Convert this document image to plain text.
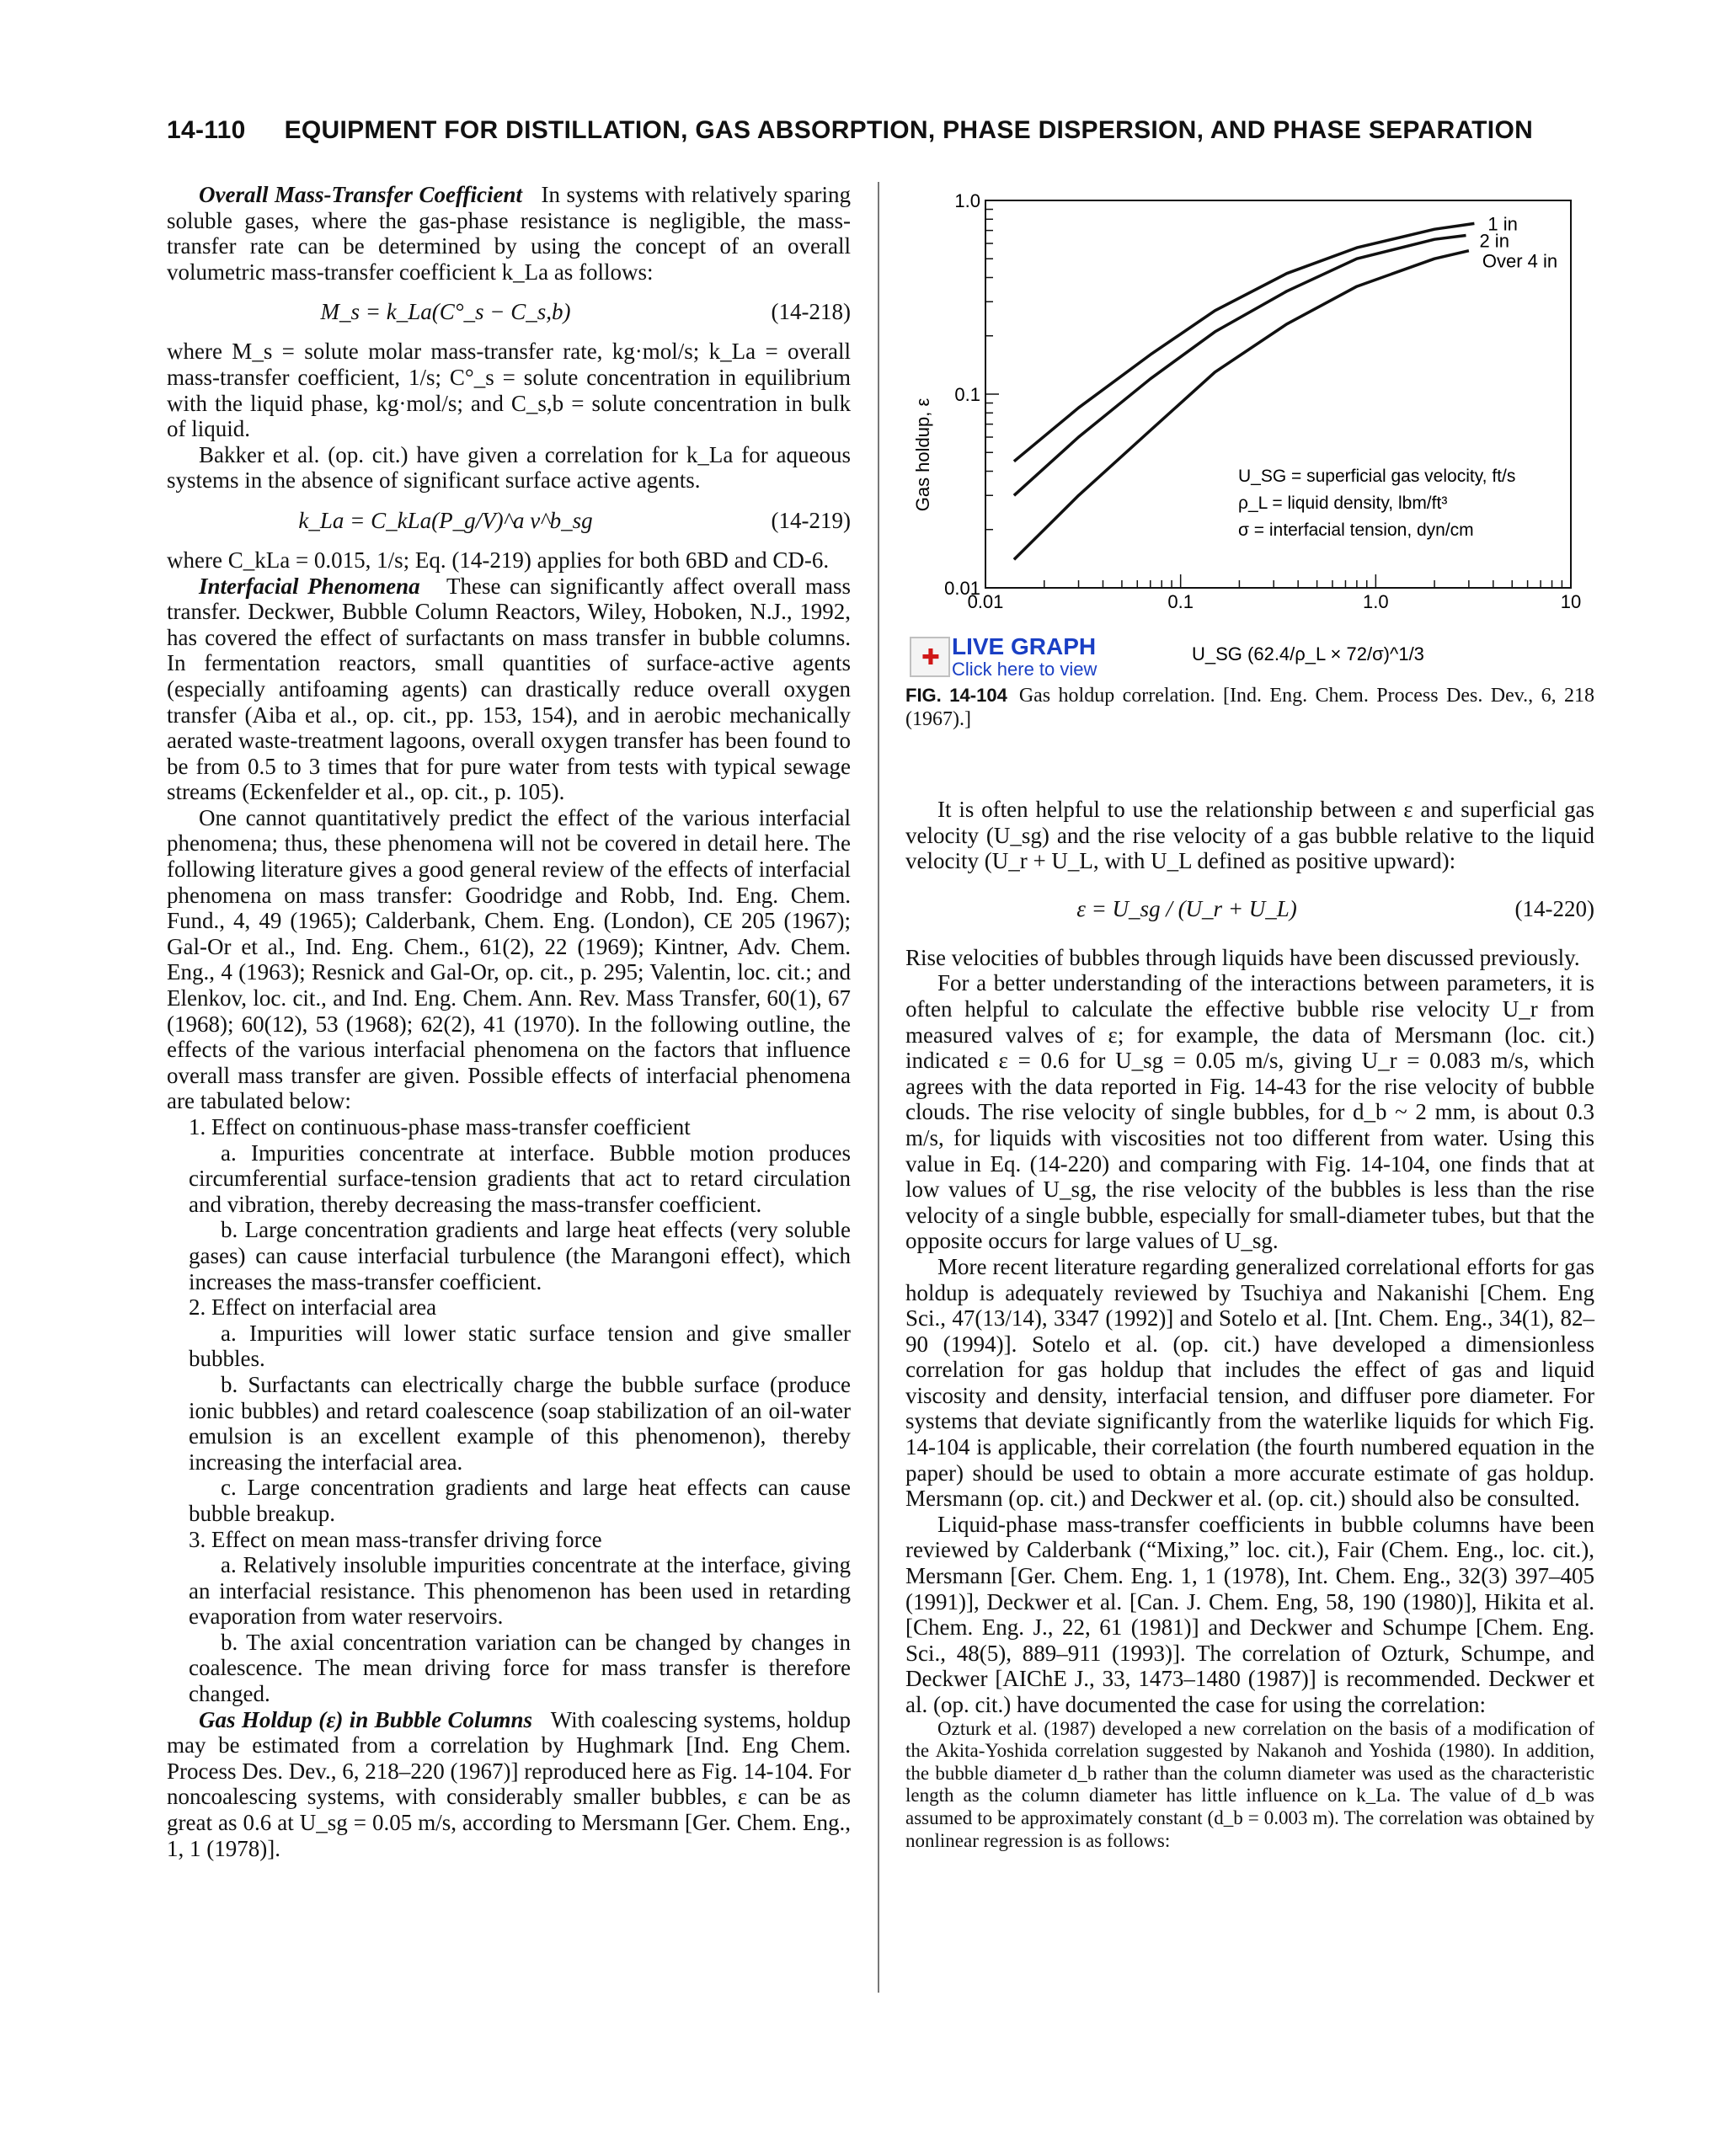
14-110 EQUIPMENT FOR DISTILLATION, GAS ABSORPTION, PHASE DISPERSION, AND PHASE SEPARATION

Overall Mass-Transfer Coefficient In systems with relatively sparing soluble gases, where the gas-phase resistance is negligible, the mass-transfer rate can be determined by using the concept of an overall volumetric mass-transfer coefficient k_La as follows:

M_s = k_La(C°_s − C_s,b)	(14-218)

where M_s = solute molar mass-transfer rate, kg·mol/s; k_La = overall mass-transfer coefficient, 1/s; C°_s = solute concentration in equilibrium with the liquid phase, kg·mol/s; and C_s,b = solute concentration in bulk of liquid.

Bakker et al. (op. cit.) have given a correlation for k_La for aqueous systems in the absence of significant surface active agents.

k_La = C_kLa(P_g/V)^a v^b_sg	(14-219)

where C_kLa = 0.015, 1/s; Eq. (14-219) applies for both 6BD and CD-6.

Interfacial Phenomena These can significantly affect overall mass transfer. Deckwer, Bubble Column Reactors, Wiley, Hoboken, N.J., 1992, has covered the effect of surfactants on mass transfer in bubble columns. In fermentation reactors, small quantities of surface-active agents (especially antifoaming agents) can drastically reduce overall oxygen transfer (Aiba et al., op. cit., pp. 153, 154), and in aerobic mechanically aerated waste-treatment lagoons, overall oxygen transfer has been found to be from 0.5 to 3 times that for pure water from tests with typical sewage streams (Eckenfelder et al., op. cit., p. 105).

One cannot quantitatively predict the effect of the various interfacial phenomena; thus, these phenomena will not be covered in detail here. The following literature gives a good general review of the effects of interfacial phenomena on mass transfer: Goodridge and Robb, Ind. Eng. Chem. Fund., 4, 49 (1965); Calderbank, Chem. Eng. (London), CE 205 (1967); Gal-Or et al., Ind. Eng. Chem., 61(2), 22 (1969); Kintner, Adv. Chem. Eng., 4 (1963); Resnick and Gal-Or, op. cit., p. 295; Valentin, loc. cit.; and Elenkov, loc. cit., and Ind. Eng. Chem. Ann. Rev. Mass Transfer, 60(1), 67 (1968); 60(12), 53 (1968); 62(2), 41 (1970). In the following outline, the effects of the various interfacial phenomena on the factors that influence overall mass transfer are given. Possible effects of interfacial phenomena are tabulated below:

1. Effect on continuous-phase mass-transfer coefficient

a. Impurities concentrate at interface. Bubble motion produces circumferential surface-tension gradients that act to retard circulation and vibration, thereby decreasing the mass-transfer coefficient.

b. Large concentration gradients and large heat effects (very soluble gases) can cause interfacial turbulence (the Marangoni effect), which increases the mass-transfer coefficient.

2. Effect on interfacial area

a. Impurities will lower static surface tension and give smaller bubbles.

b. Surfactants can electrically charge the bubble surface (produce ionic bubbles) and retard coalescence (soap stabilization of an oil-water emulsion is an excellent example of this phenomenon), thereby increasing the interfacial area.

c. Large concentration gradients and large heat effects can cause bubble breakup.

3. Effect on mean mass-transfer driving force

a. Relatively insoluble impurities concentrate at the interface, giving an interfacial resistance. This phenomenon has been used in retarding evaporation from water reservoirs.

b. The axial concentration variation can be changed by changes in coalescence. The mean driving force for mass transfer is therefore changed.

Gas Holdup (ε) in Bubble Columns With coalescing systems, holdup may be estimated from a correlation by Hughmark [Ind. Eng Chem. Process Des. Dev., 6, 218–220 (1967)] reproduced here as Fig. 14-104. For noncoalescing systems, with considerably smaller bubbles, ε can be as great as 0.6 at U_sg = 0.05 m/s, according to Mersmann [Ger. Chem. Eng., 1, 1 (1978)].

1 in
2 in
Over 4 in
0.01	0.1	1.0	10
0.01
0.1
1.0
Gas holdup, ε
U_SG (62.4/ρ_L × 72/σ)^1/3
U_SG = superficial gas velocity, ft/s
ρ_L = liquid density, lbm/ft³
σ = interfacial tension, dyn/cm
✚ LIVE GRAPH
Click here to view
FIG. 14-104 Gas holdup correlation. [Ind. Eng. Chem. Process Des. Dev., 6, 218 (1967).]

It is often helpful to use the relationship between ε and superficial gas velocity (U_sg) and the rise velocity of a gas bubble relative to the liquid velocity (U_r + U_L, with U_L defined as positive upward):

ε = U_sg / (U_r + U_L)	(14-220)

Rise velocities of bubbles through liquids have been discussed previously.

For a better understanding of the interactions between parameters, it is often helpful to calculate the effective bubble rise velocity U_r from measured valves of ε; for example, the data of Mersmann (loc. cit.) indicated ε = 0.6 for U_sg = 0.05 m/s, giving U_r = 0.083 m/s, which agrees with the data reported in Fig. 14-43 for the rise velocity of bubble clouds. The rise velocity of single bubbles, for d_b ~ 2 mm, is about 0.3 m/s, for liquids with viscosities not too different from water. Using this value in Eq. (14-220) and comparing with Fig. 14-104, one finds that at low values of U_sg, the rise velocity of the bubbles is less than the rise velocity of a single bubble, especially for small-diameter tubes, but that the opposite occurs for large values of U_sg.

More recent literature regarding generalized correlational efforts for gas holdup is adequately reviewed by Tsuchiya and Nakanishi [Chem. Eng Sci., 47(13/14), 3347 (1992)] and Sotelo et al. [Int. Chem. Eng., 34(1), 82–90 (1994)]. Sotelo et al. (op. cit.) have developed a dimensionless correlation for gas holdup that includes the effect of gas and liquid viscosity and density, interfacial tension, and diffuser pore diameter. For systems that deviate significantly from the waterlike liquids for which Fig. 14-104 is applicable, their correlation (the fourth numbered equation in the paper) should be used to obtain a more accurate estimate of gas holdup. Mersmann (op. cit.) and Deckwer et al. (op. cit.) should also be consulted.

Liquid-phase mass-transfer coefficients in bubble columns have been reviewed by Calderbank (“Mixing,” loc. cit.), Fair (Chem. Eng., loc. cit.), Mersmann [Ger. Chem. Eng. 1, 1 (1978), Int. Chem. Eng., 32(3) 397–405 (1991)], Deckwer et al. [Can. J. Chem. Eng, 58, 190 (1980)], Hikita et al. [Chem. Eng. J., 22, 61 (1981)] and Deckwer and Schumpe [Chem. Eng. Sci., 48(5), 889–911 (1993)]. The correlation of Ozturk, Schumpe, and Deckwer [AIChE J., 33, 1473–1480 (1987)] is recommended. Deckwer et al. (op. cit.) have documented the case for using the correlation:

Ozturk et al. (1987) developed a new correlation on the basis of a modification of the Akita-Yoshida correlation suggested by Nakanoh and Yoshida (1980). In addition, the bubble diameter d_b rather than the column diameter was used as the characteristic length as the column diameter has little influence on k_La. The value of d_b was assumed to be approximately constant (d_b = 0.003 m). The correlation was obtained by nonlinear regression is as follows:
